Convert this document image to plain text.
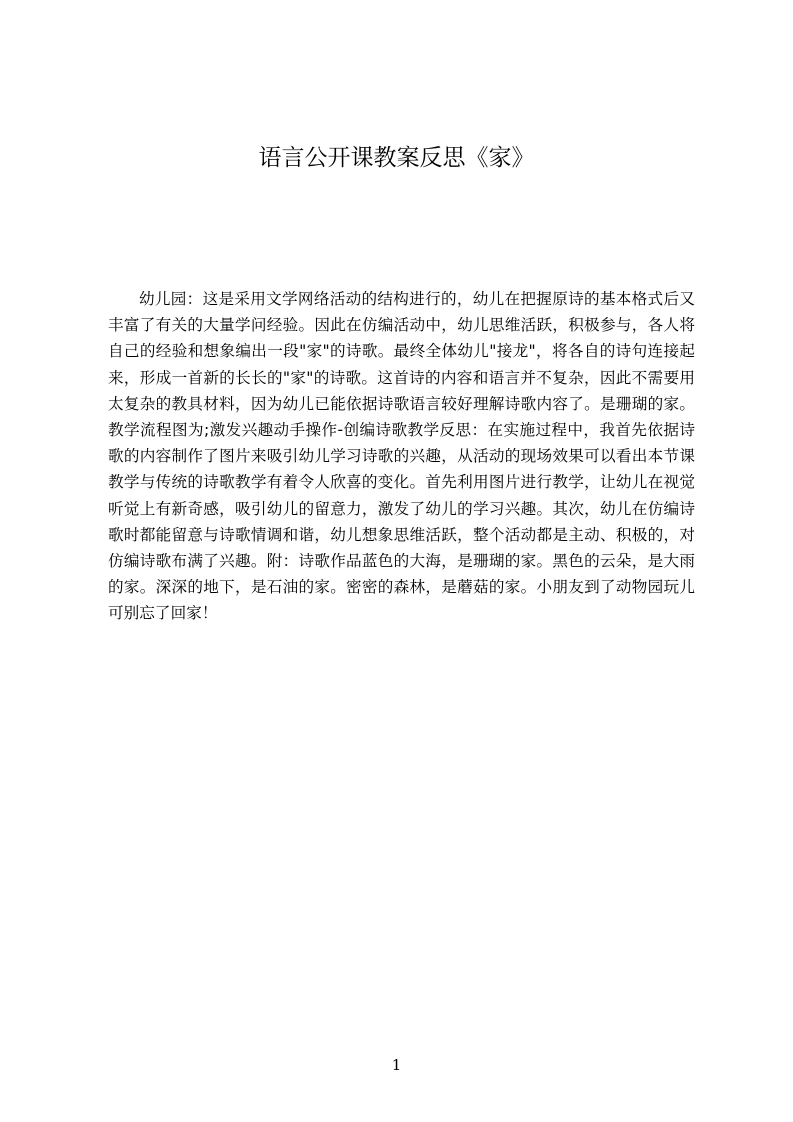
语言公开课教案反思《家》

幼儿园：这是采用文学网络活动的结构进行的，幼儿在把握原诗的基本格式后又丰富了有关的大量学问经验。因此在仿编活动中，幼儿思维活跃，积极参与，各人将自己的经验和想象编出一段"家"的诗歌。最终全体幼儿"接龙"，将各自的诗句连接起来，形成一首新的长长的"家"的诗歌。这首诗的内容和语言并不复杂，因此不需要用太复杂的教具材料，因为幼儿已能依据诗歌语言较好理解诗歌内容了。是珊瑚的家。教学流程图为;激发兴趣动手操作-创编诗歌教学反思：在实施过程中，我首先依据诗歌的内容制作了图片来吸引幼儿学习诗歌的兴趣，从活动的现场效果可以看出本节课教学与传统的诗歌教学有着令人欣喜的变化。首先利用图片进行教学，让幼儿在视觉听觉上有新奇感，吸引幼儿的留意力，激发了幼儿的学习兴趣。其次，幼儿在仿编诗歌时都能留意与诗歌情调和谐，幼儿想象思维活跃，整个活动都是主动、积极的，对仿编诗歌布满了兴趣。附：诗歌作品蓝色的大海，是珊瑚的家。黑色的云朵，是大雨的家。深深的地下，是石油的家。密密的森林，是蘑菇的家。小朋友到了动物园玩儿可别忘了回家！

1
